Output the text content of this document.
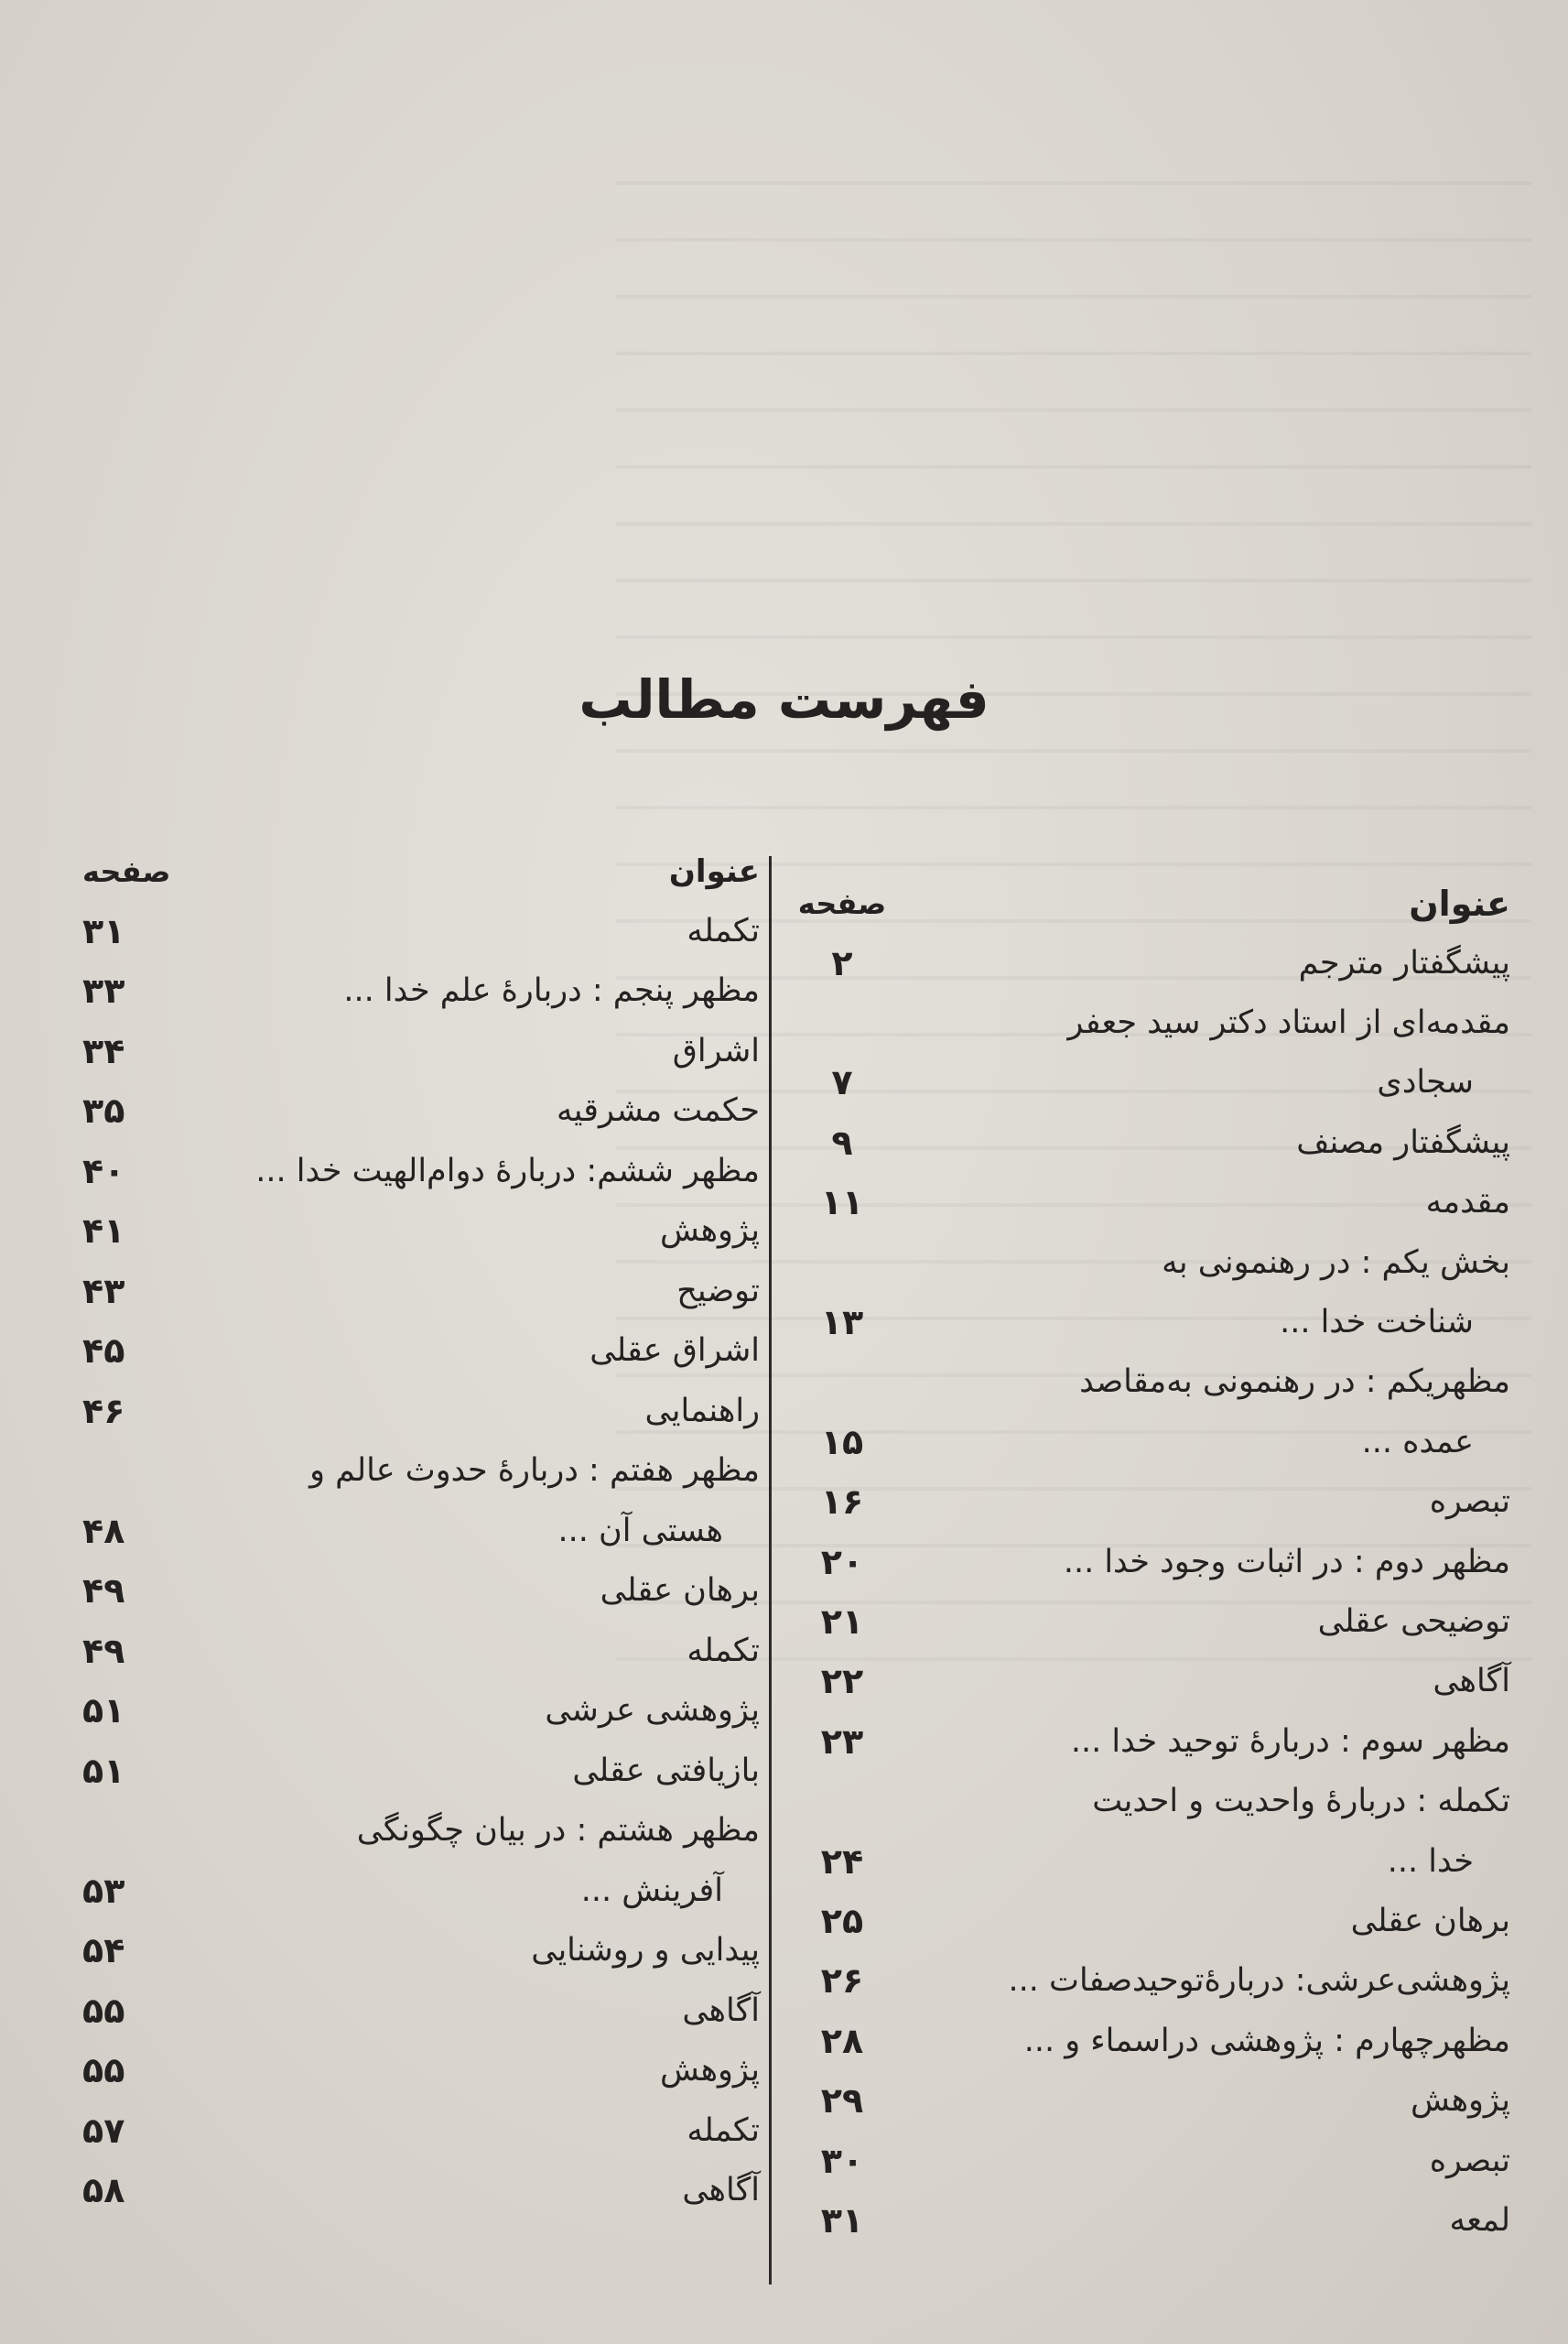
فهرست مطالب
عنوان
صفحه
پیشگفتار مترجم
۲
مقدمه‌ای از استاد دکتر سید جعفر
سجادی
۷
پیشگفتار مصنف
۹
مقدمه
۱۱
بخش یکم : در رهنمونی به
شناخت خدا ...
۱۳
مظهریکم : در رهنمونی به‌مقاصد
عمده ...
۱۵
تبصره
۱۶
مظهر دوم : در اثبات وجود خدا ...
۲۰
توضیحی عقلی
۲۱
آگاهی
۲۲
مظهر سوم : دربارهٔ توحید خدا ...
۲۳
تکمله : دربارهٔ واحدیت و احدیت
خدا ...
۲۴
برهان عقلی
۲۵
پژوهشی‌عرشی: دربارهٔ‌توحید‌صفات ...
۲۶
مظهرچهارم : پژوهشی دراسماء و ...
۲۸
پژوهش
۲۹
تبصره
۳۰
لمعه
۳۱
عنوان
صفحه
تکمله
۳۱
مظهر پنجم : دربارهٔ علم خدا ...
۳۳
اشراق
۳۴
حکمت مشرقیه
۳۵
مظهر ششم: دربارهٔ دوام‌الهیت خدا ...
۴۰
پژوهش
۴۱
توضیح
۴۳
اشراق عقلی
۴۵
راهنمایی
۴۶
مظهر هفتم : دربارهٔ حدوث عالم و
هستی آن ...
۴۸
برهان عقلی
۴۹
تکمله
۴۹
پژوهشی عرشی
۵۱
بازیافتی عقلی
۵۱
مظهر هشتم : در بیان چگونگی
آفرینش ...
۵۳
پیدایی و روشنایی
۵۴
آگاهی
۵۵
پژوهش
۵۵
تکمله
۵۷
آگاهی
۵۸
